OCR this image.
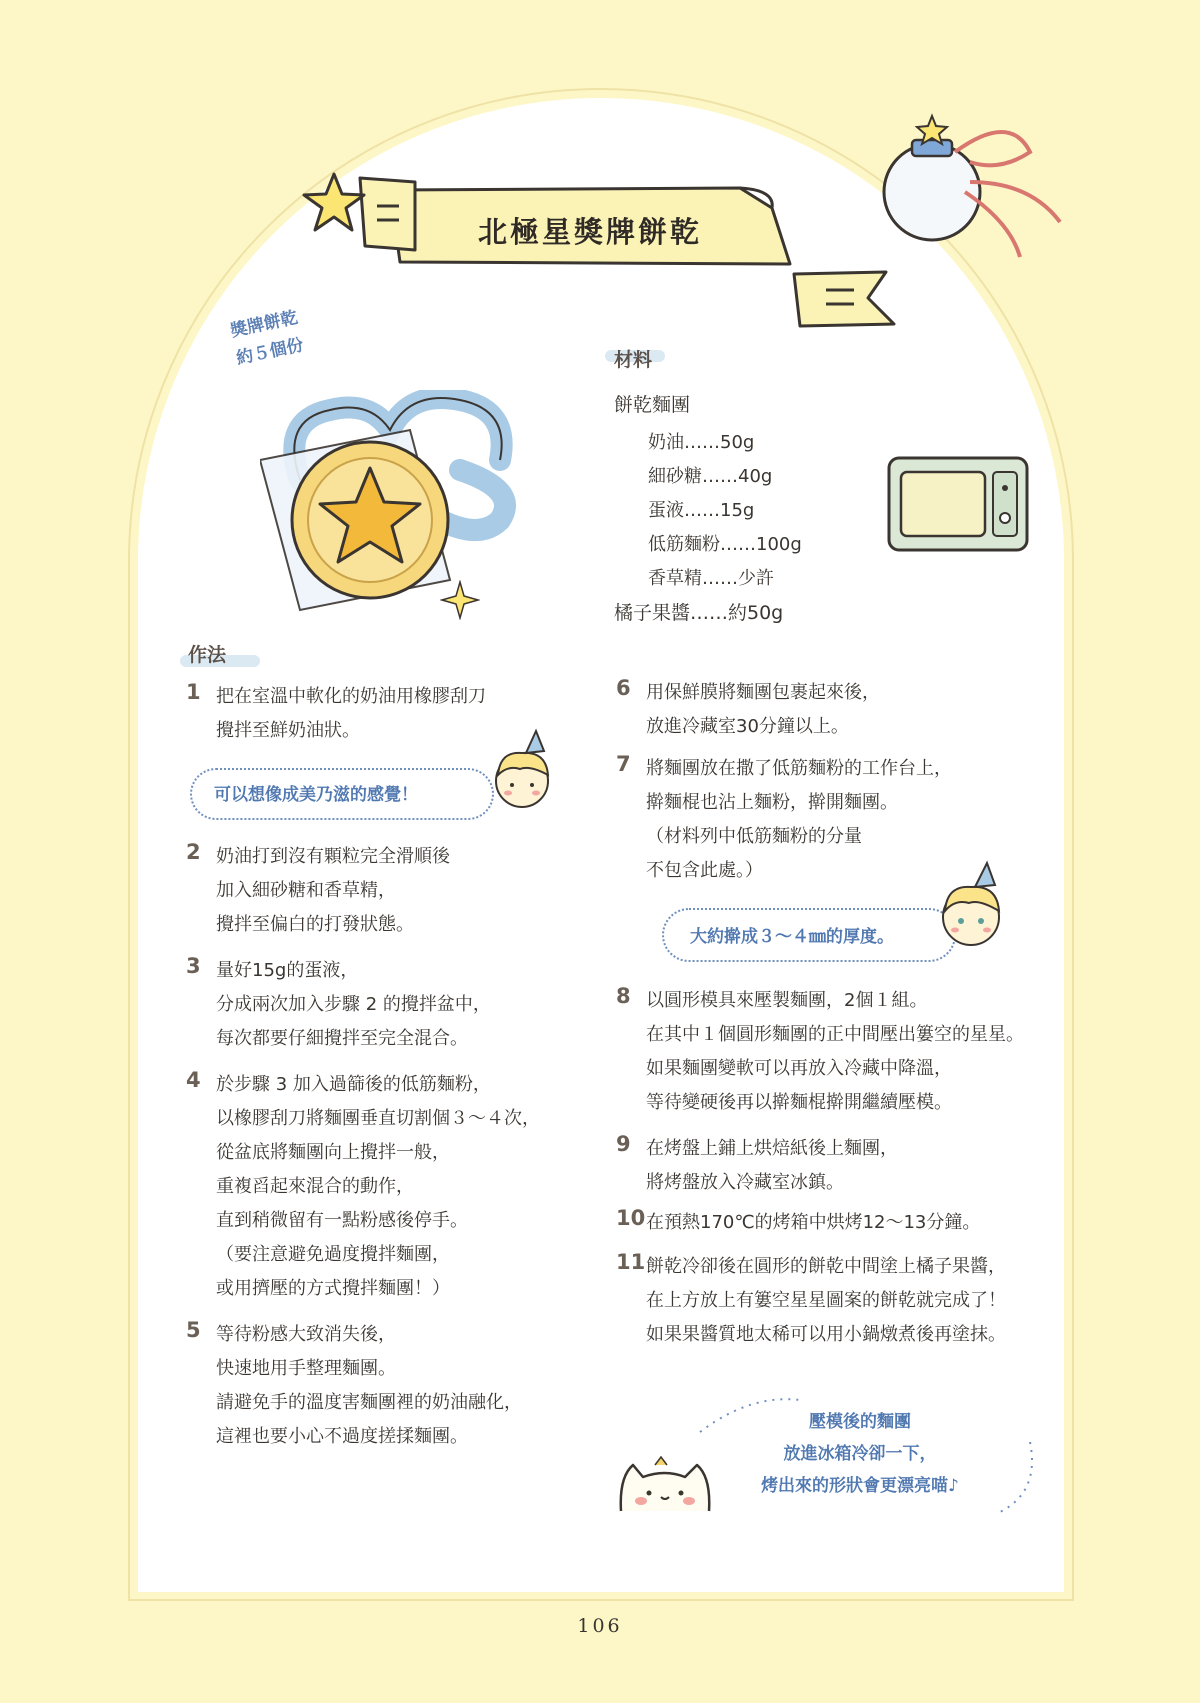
北極星獎牌餅乾
獎牌餅乾
約５個份	材料
餅乾麵團
奶油……50g
細砂糖……40g
蛋液……15g
低筋麵粉……100g
香草精……少許
橘子果醬……約50g
作法
1 把在室溫中軟化的奶油用橡膠刮刀
攪拌至鮮奶油狀。
可以想像成美乃滋的感覺！
2 奶油打到沒有顆粒完全滑順後
加入細砂糖和香草精，
攪拌至偏白的打發狀態。
3 量好15g的蛋液，
分成兩次加入步驟 2 的攪拌盆中，
每次都要仔細攪拌至完全混合。
4 於步驟 3 加入過篩後的低筋麵粉，
以橡膠刮刀將麵團垂直切割個３～４次，
從盆底將麵團向上攪拌一般，
重複舀起來混合的動作，
直到稍微留有一點粉感後停手。
（要注意避免過度攪拌麵團，
或用擠壓的方式攪拌麵團！）
5 等待粉感大致消失後，
快速地用手整理麵團。
請避免手的溫度害麵團裡的奶油融化，
這裡也要小心不過度搓揉麵團。
6 用保鮮膜將麵團包裹起來後，
放進冷藏室30分鐘以上。
7 將麵團放在撒了低筋麵粉的工作台上，
擀麵棍也沾上麵粉，擀開麵團。
（材料列中低筋麵粉的分量
不包含此處。）
大約擀成３～４㎜的厚度。
8 以圓形模具來壓製麵團，2個１組。
在其中１個圓形麵團的正中間壓出簍空的星星。
如果麵團變軟可以再放入冷藏中降溫，
等待變硬後再以擀麵棍擀開繼續壓模。
9 在烤盤上鋪上烘焙紙後上麵團，
將烤盤放入冷藏室冰鎮。
10 在預熱170℃的烤箱中烘烤12～13分鐘。
11 餅乾冷卻後在圓形的餅乾中間塗上橘子果醬，
在上方放上有簍空星星圖案的餅乾就完成了！
如果果醬質地太稀可以用小鍋燉煮後再塗抹。
壓模後的麵團
放進冰箱冷卻一下，
烤出來的形狀會更漂亮喵♪
106
